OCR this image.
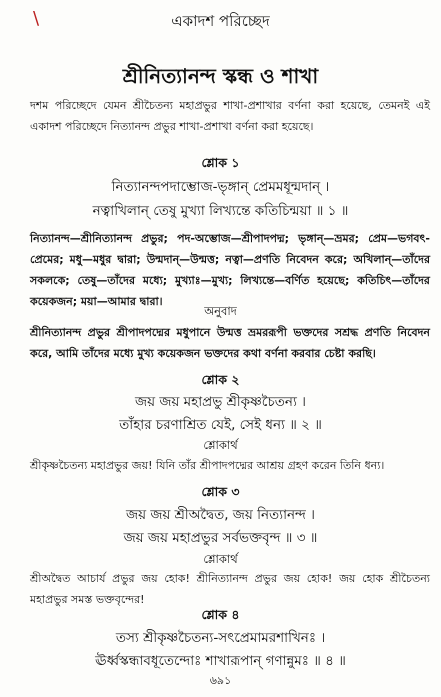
\	একাদশ পরিচ্ছেদ
শ্রীনিত্যানন্দ স্কন্ধ ও শাখা
দশম পরিচ্ছেদে যেমন শ্রীচৈতন্য মহাপ্রভুর শাখা-প্রশাখার বর্ণনা করা হয়েছে, তেমনই এই একাদশ পরিচ্ছেদে নিত্যানন্দ প্রভুর শাখা-প্রশাখা বর্ণনা করা হয়েছে।
শ্লোক ১
নিত্যানন্দপদাম্ভোজ-ভৃঙ্গান্ প্রেমমধূন্মদান্ ।
নত্বাখিলান্ তেষু মুখ্যা লিখ্যন্তে কতিচিন্ময়া ॥ ১ ॥
নিত্যানন্দ—শ্রীনিত্যানন্দ প্রভুর; পদ-অম্ভোজ—শ্রীপাদপদ্ম; ভৃঙ্গান্—ভ্রমর; প্রেম—ভগবৎ-প্রেমের; মধু—মধুর দ্বারা; উন্মদান্—উন্মত্ত; নত্বা—প্রণতি নিবেদন করে; অখিলান্—তাঁদের সকলকে; তেষু—তাঁদের মধ্যে; মুখ্যাঃ—মুখ্য; লিখ্যন্তে—বর্ণিত হয়েছে; কতিচিৎ—তাঁদের কয়েকজন; ময়া—আমার দ্বারা।
অনুবাদ
শ্রীনিত্যানন্দ প্রভুর শ্রীপাদপদ্মের মধুপানে উন্মত্ত ভ্রমররূপী ভক্তদের সশ্রদ্ধ প্রণতি নিবেদন করে, আমি তাঁদের মধ্যে মুখ্য কয়েকজন ভক্তদের কথা বর্ণনা করবার চেষ্টা করছি।
শ্লোক ২
জয় জয় মহাপ্রভু শ্রীকৃষ্ণচৈতন্য ।
তাঁহার চরণাশ্রিত যেই, সেই ধন্য ॥ ২ ॥
শ্লোকার্থ
শ্রীকৃষ্ণচৈতন্য মহাপ্রভুর জয়! যিনি তাঁর শ্রীপাদপদ্মের আশ্রয় গ্রহণ করেন তিনি ধন্য।
শ্লোক ৩
জয় জয় শ্রীঅদ্বৈত, জয় নিত্যানন্দ ।
জয় জয় মহাপ্রভুর সর্বভক্তবৃন্দ ॥ ৩ ॥
শ্লোকার্থ
শ্রীঅদ্বৈত আচার্য প্রভুর জয় হোক! শ্রীনিত্যানন্দ প্রভুর জয় হোক! জয় হোক শ্রীচৈতন্য মহাপ্রভুর সমস্ত ভক্তবৃন্দের!
শ্লোক ৪
তস্য শ্রীকৃষ্ণচৈতন্য-সৎপ্রেমামরশাখিনঃ ।
ঊর্ধ্বস্কন্ধাবধূতেন্দোঃ শাখারূপান্ গণান্নুমঃ ॥ ৪ ॥
৬৯১
